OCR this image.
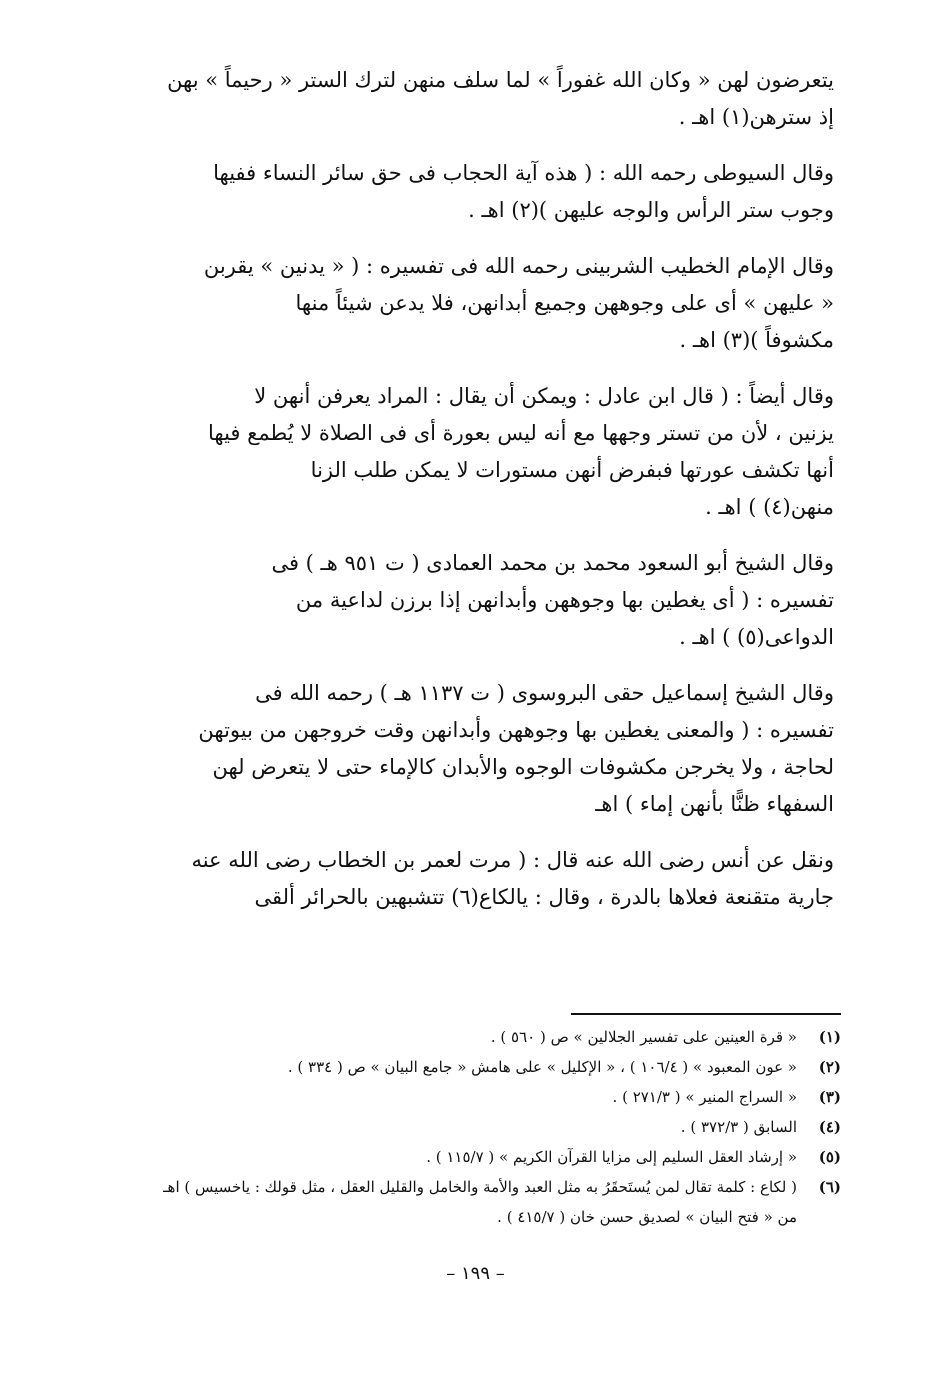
يتعرضون لهن « وكان الله غفوراً » لما سلف منهن لترك الستر « رحيماً » بهن
إذ سترهن(١) اهـ .

وقال السيوطى رحمه الله : ( هذه آية الحجاب فى حق سائر النساء ففيها
وجوب ستر الرأس والوجه عليهن )(٢) اهـ .

وقال الإمام الخطيب الشربينى رحمه الله فى تفسيره : ( « يدنين » يقربن
« عليهن » أى على وجوههن وجميع أبدانهن، فلا يدعن شيئاً منها
مكشوفاً )(٣) اهـ .

وقال أيضاً : ( قال ابن عادل : ويمكن أن يقال : المراد يعرفن أنهن لا
يزنين ، لأن من تستر وجهها مع أنه ليس بعورة أى فى الصلاة لا يُطمع فيها
أنها تكشف عورتها فبفرض أنهن مستورات لا يمكن طلب الزنا
منهن(٤) ) اهـ .

وقال الشيخ أبو السعود محمد بن محمد العمادى ( ت ٩٥١ هـ ) فى
تفسيره : ( أى يغطين بها وجوههن وأبدانهن إذا برزن لداعية من
الدواعى(٥) ) اهـ .

وقال الشيخ إسماعيل حقى البروسوى ( ت ١١٣٧ هـ ) رحمه الله فى
تفسيره : ( والمعنى يغطين بها وجوههن وأبدانهن وقت خروجهن من بيوتهن
لحاجة ، ولا يخرجن مكشوفات الوجوه والأبدان كالإماء حتى لا يتعرض لهن
السفهاء ظنًّا بأنهن إماء ) اهـ

ونقل عن أنس رضى الله عنه قال : ( مرت لعمر بن الخطاب رضى الله عنه
جارية متقنعة فعلاها بالدرة ، وقال : يالكاع(٦) تتشبهين بالحرائر ألقى

(١)
« قرة العينين على تفسير الجلالين » ص ( ٥٦٠ ) .
(٢)
« عون المعبود » ( ١٠٦/٤ ) ، « الإكليل » على هامش « جامع البيان » ص ( ٣٣٤ ) .
(٣)
« السراج المنير » ( ٢٧١/٣ ) .
(٤)
السابق ( ٣٧٢/٣ ) .
(٥)
« إرشاد العقل السليم إلى مزايا القرآن الكريم » ( ١١٥/٧ ) .
(٦)
( لكاع : كلمة تقال لمن يُستَحقَرُ به مثل العبد والأمة والخامل والقليل العقل ، مثل قولك : ياخسيس ) اهـ من « فتح البيان » لصديق حسن خان ( ٤١٥/٧ ) .
– ١٩٩ –
